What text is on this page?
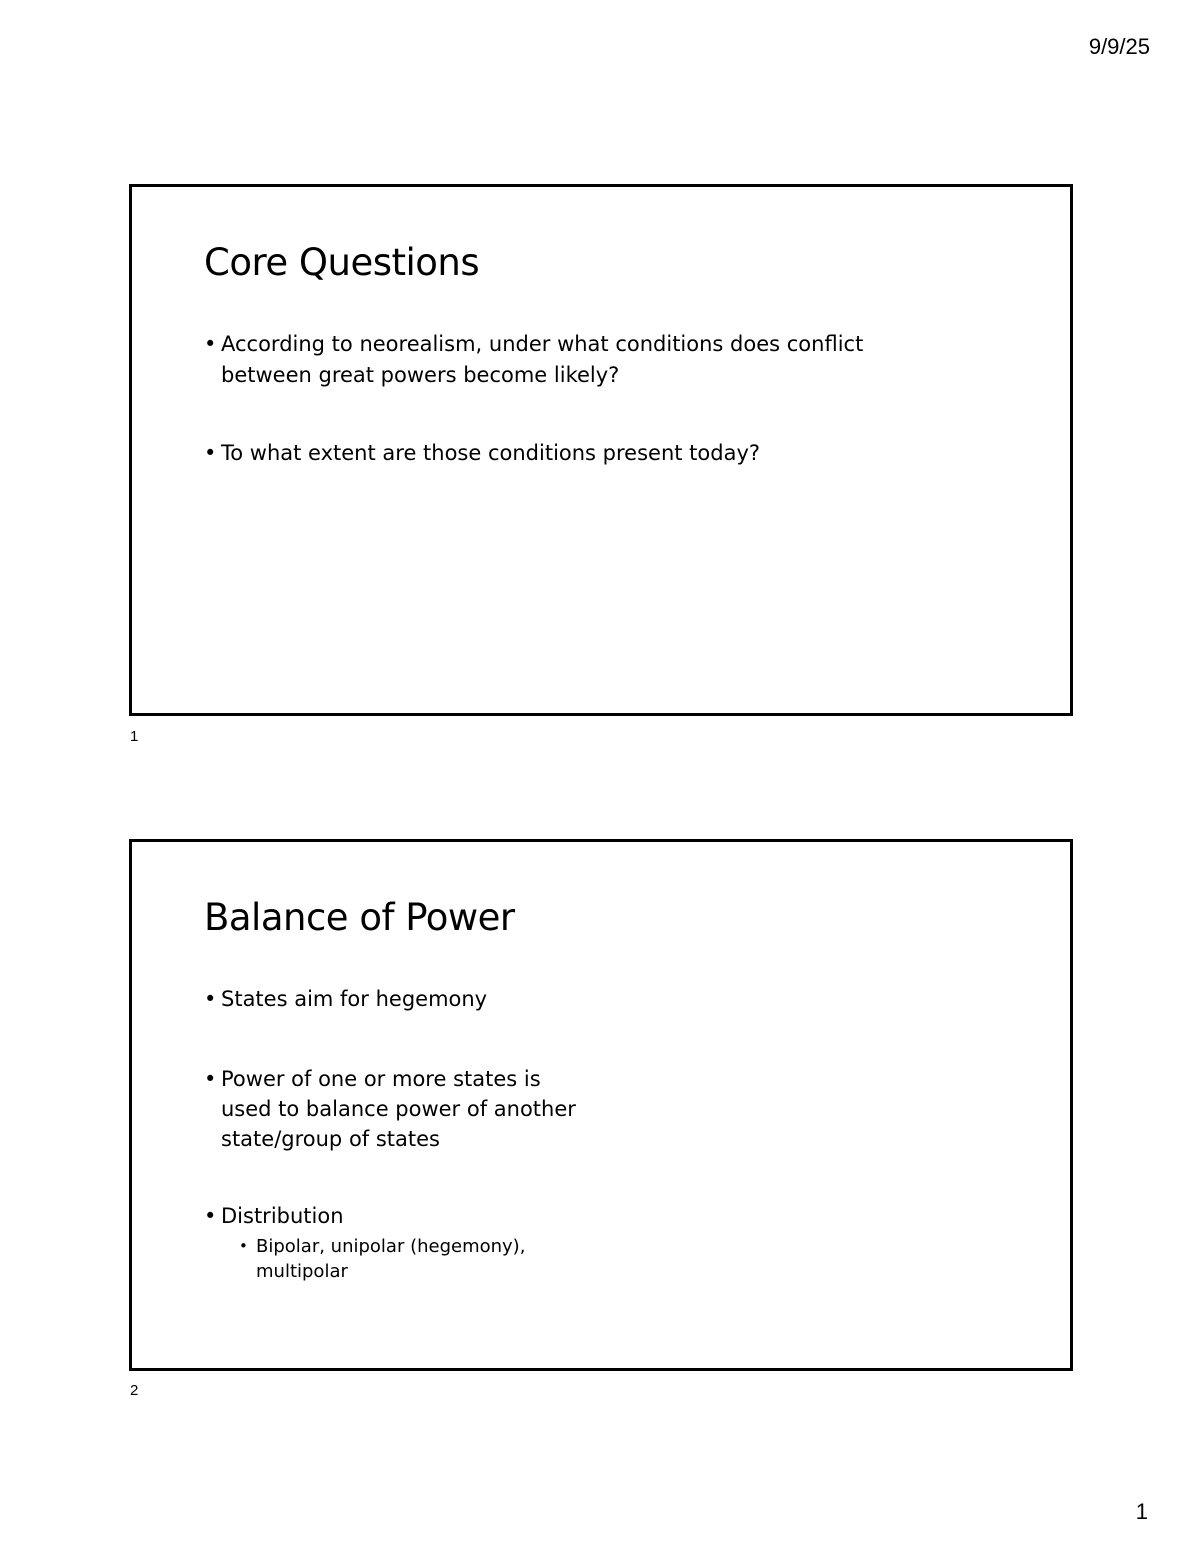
9/9/25
Core Questions
• According to neorealism, under what conditions does conflict between great powers become likely?
• To what extent are those conditions present today?
1
Balance of Power
• States aim for hegemony
• Power of one or more states is used to balance power of another state/group of states
• Distribution
• Bipolar, unipolar (hegemony), multipolar
2
1
